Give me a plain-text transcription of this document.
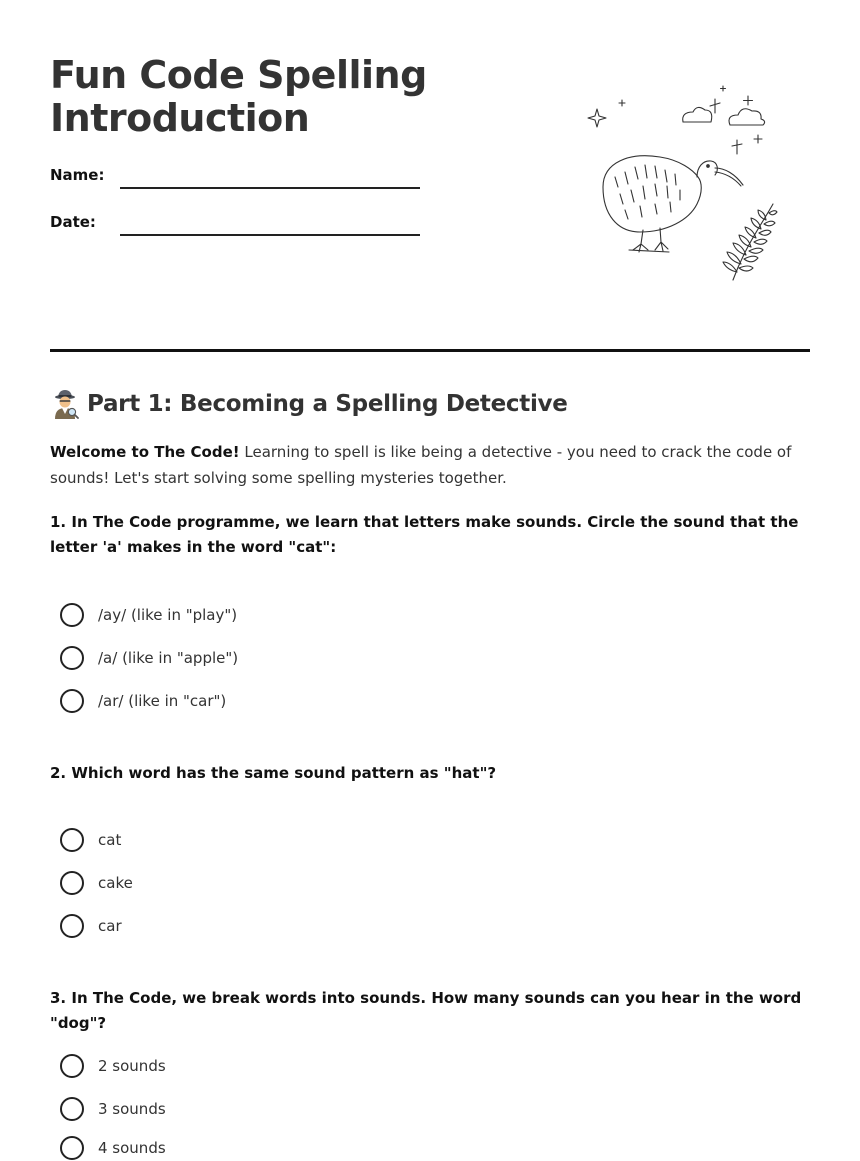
Fun Code Spelling
Introduction
Name:
Date:
Part 1: Becoming a Spelling Detective
Welcome to The Code! Learning to spell is like being a detective - you need to crack the code of sounds! Let's start solving some spelling mysteries together.
1. In The Code programme, we learn that letters make sounds. Circle the sound that the letter 'a' makes in the word "cat":
/ay/ (like in "play")
/a/ (like in "apple")
/ar/ (like in "car")
2. Which word has the same sound pattern as "hat"?
cat
cake
car
3. In The Code, we break words into sounds. How many sounds can you hear in the word "dog"?
2 sounds
3 sounds
4 sounds
